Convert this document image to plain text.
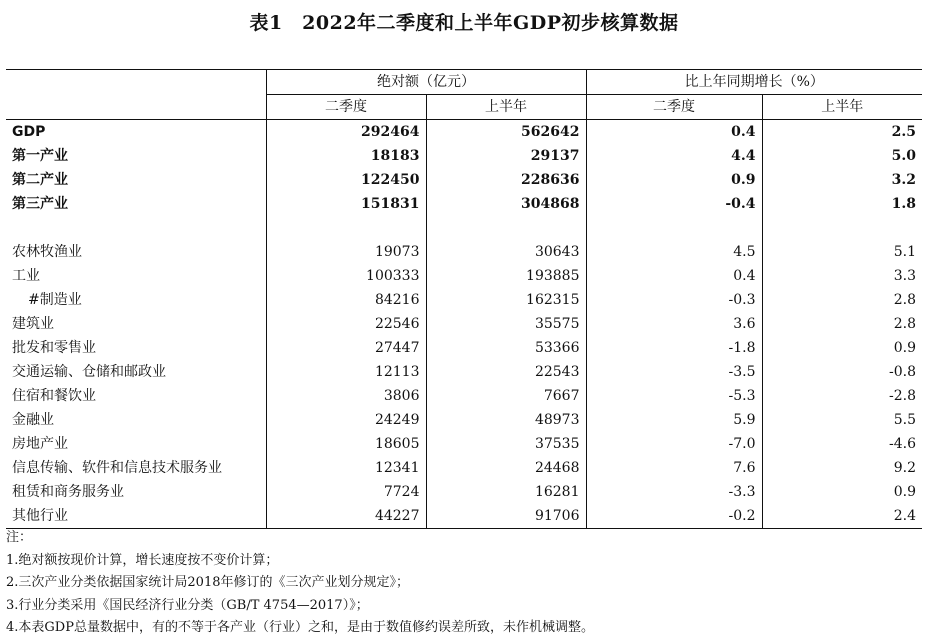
表1　2022年二季度和上半年GDP初步核算数据
	绝对额（亿元）		比上年同期增长（%）	
	二季度	上半年	二季度	上半年
GDP	292464	562642	0.4	2.5
第一产业	18183	29137	4.4	5.0
第二产业	122450	228636	0.9	3.2
第三产业	151831	304868	-0.4	1.8

农林牧渔业	19073	30643	4.5	5.1
工业	100333	193885	0.4	3.3
#制造业	84216	162315	-0.3	2.8
建筑业	22546	35575	3.6	2.8
批发和零售业	27447	53366	-1.8	0.9
交通运输、仓储和邮政业	12113	22543	-3.5	-0.8
住宿和餐饮业	3806	7667	-5.3	-2.8
金融业	24249	48973	5.9	5.5
房地产业	18605	37535	-7.0	-4.6
信息传输、软件和信息技术服务业	12341	24468	7.6	9.2
租赁和商务服务业	7724	16281	-3.3	0.9
其他行业	44227	91706	-0.2	2.4
注：
1.绝对额按现价计算，增长速度按不变价计算；
2.三次产业分类依据国家统计局2018年修订的《三次产业划分规定》；
3.行业分类采用《国民经济行业分类（GB/T 4754—2017）》；
4.本表GDP总量数据中，有的不等于各产业（行业）之和，是由于数值修约误差所致，未作机械调整。
